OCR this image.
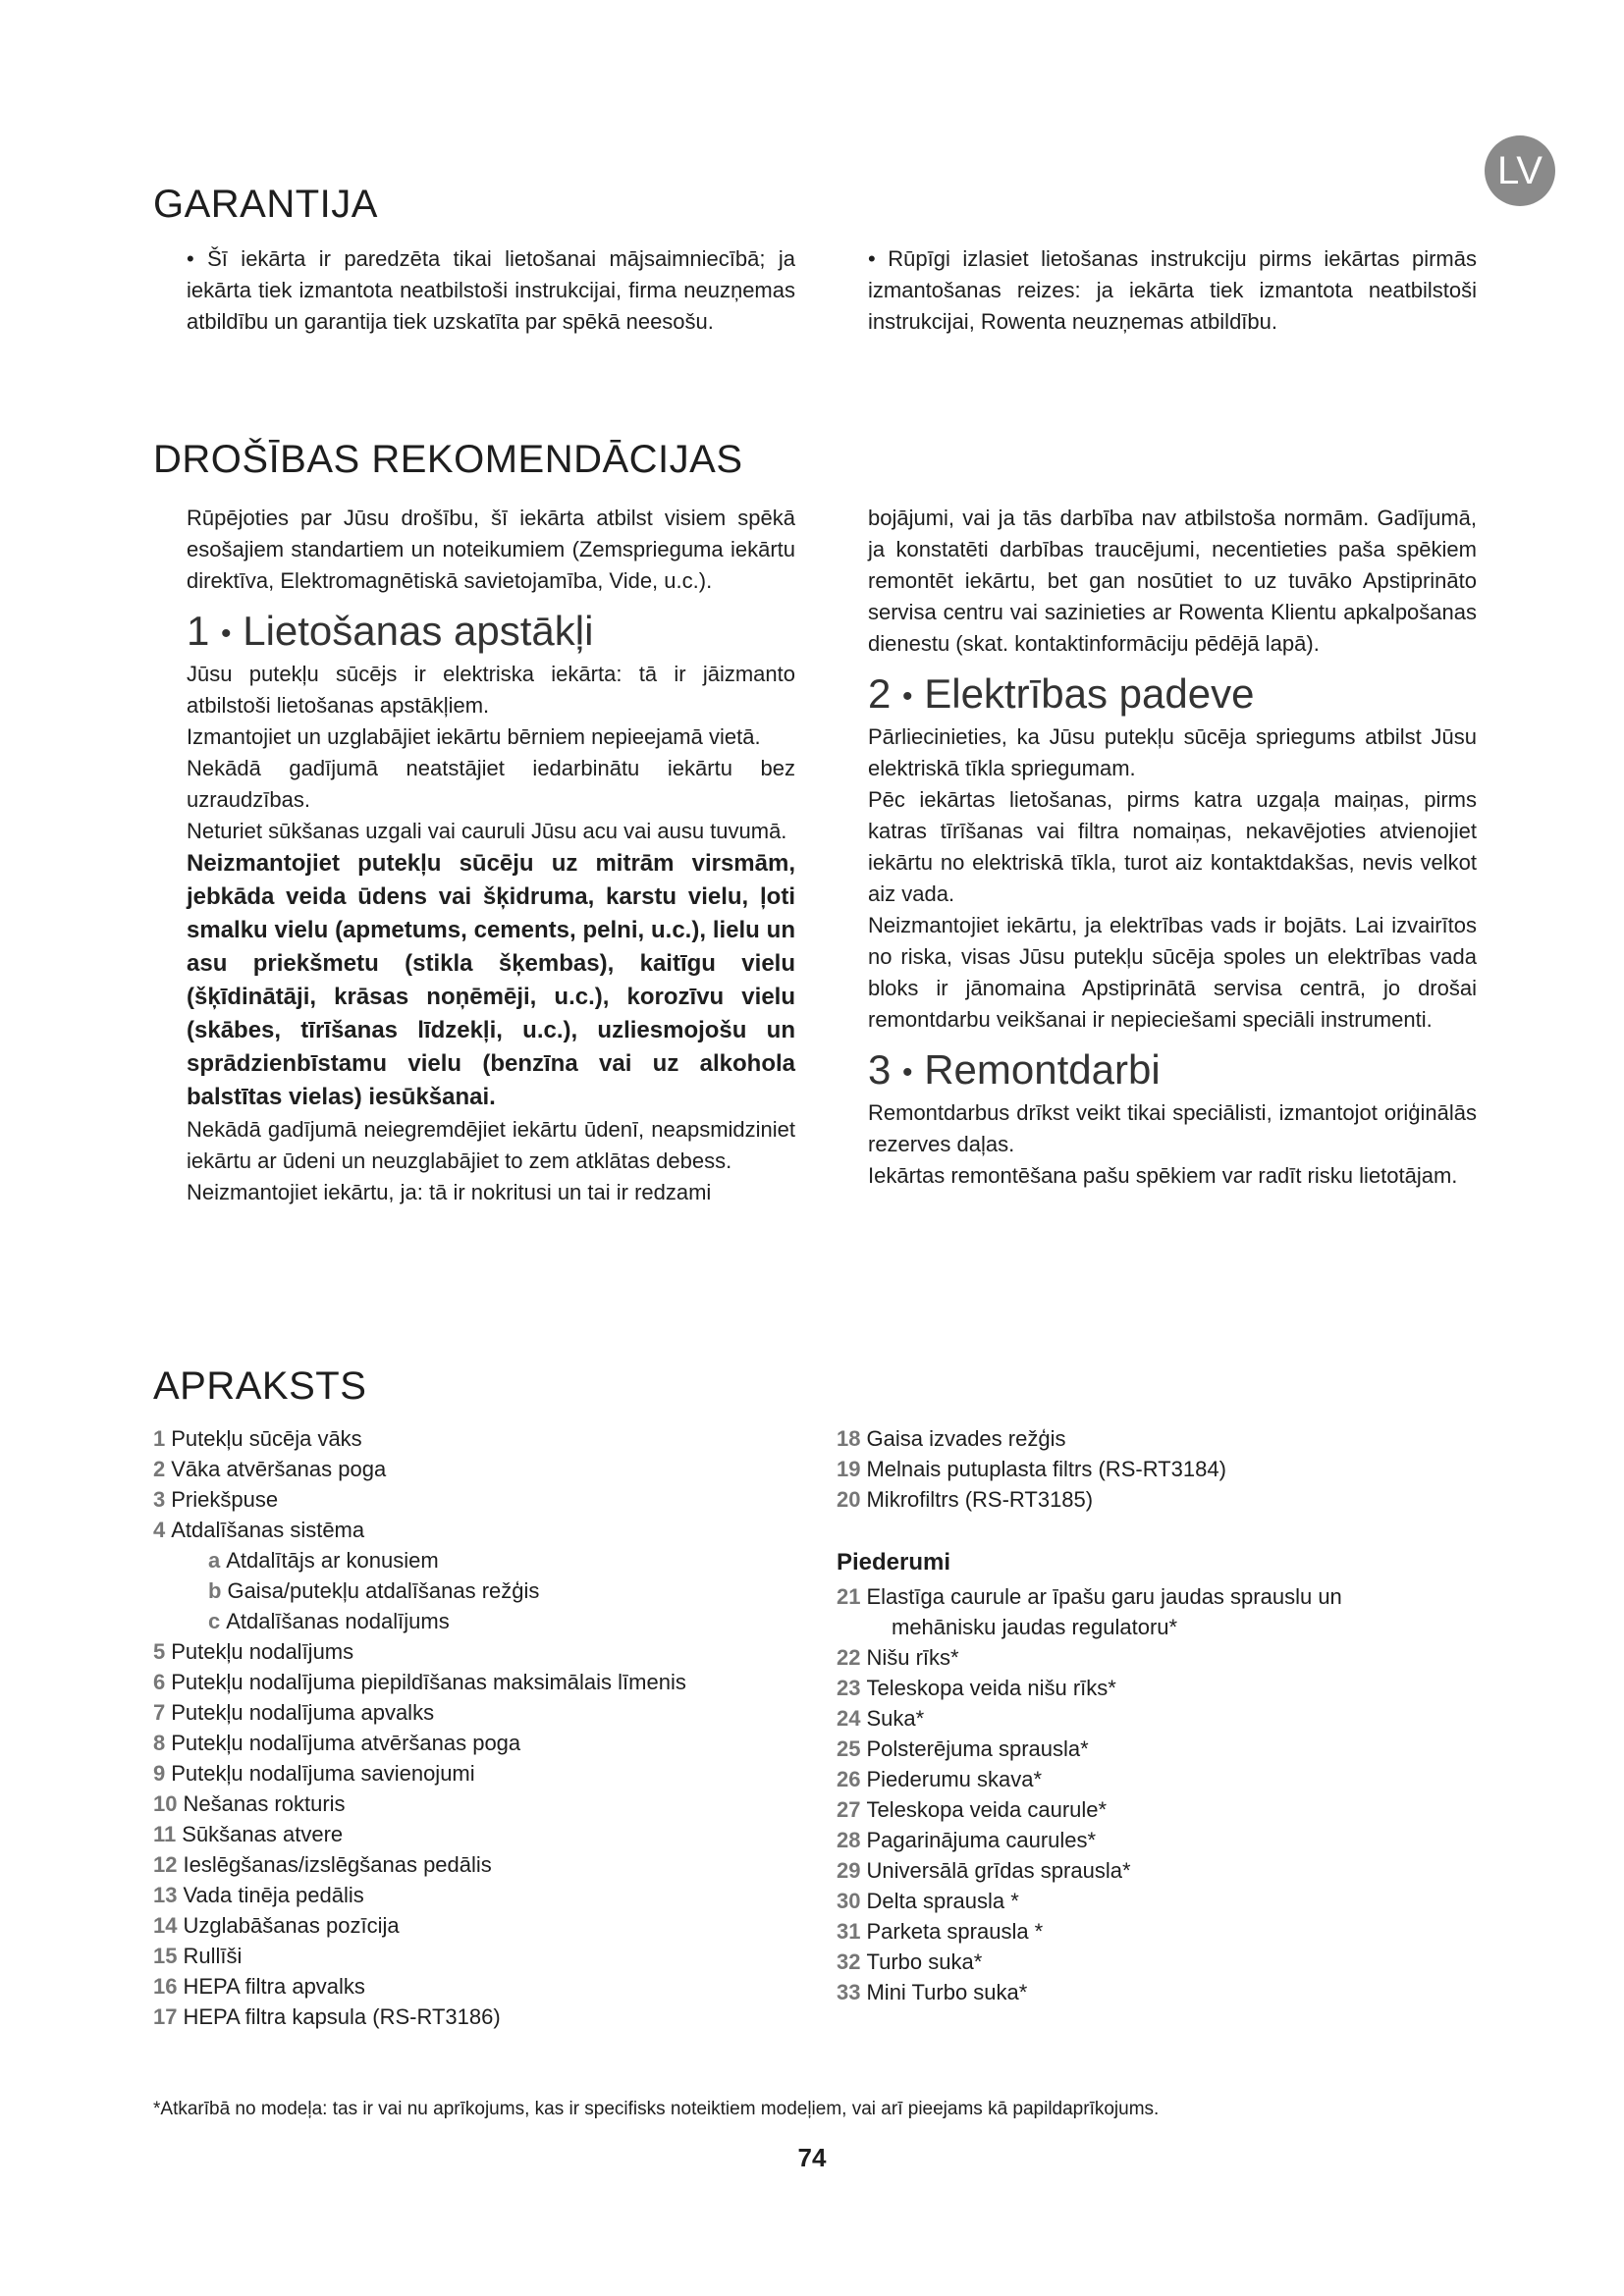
LV
GARANTIJA

• Šī iekārta ir paredzēta tikai lietošanai mājsaimniecībā; ja iekārta tiek izmantota neatbilstoši instrukcijai, firma neuzņemas atbildību un garantija tiek uzskatīta par spēkā neesošu.

• Rūpīgi izlasiet lietošanas instrukciju pirms iekārtas pirmās izmantošanas reizes: ja iekārta tiek izmantota neatbilstoši instrukcijai, Rowenta neuzņemas atbildību.

DROŠĪBAS REKOMENDĀCIJAS

Rūpējoties par Jūsu drošību, šī iekārta atbilst visiem spēkā esošajiem standartiem un noteikumiem (Zemsprieguma iekārtu direktīva, Elektromagnētiskā savietojamība, Vide, u.c.).

1 • Lietošanas apstākļi

Jūsu putekļu sūcējs ir elektriska iekārta: tā ir jāizmanto atbilstoši lietošanas apstākļiem.

Izmantojiet un uzglabājiet iekārtu bērniem nepieejamā vietā.

Nekādā gadījumā neatstājiet iedarbinātu iekārtu bez uzraudzības.

Neturiet sūkšanas uzgali vai cauruli Jūsu acu vai ausu tuvumā.

Neizmantojiet putekļu sūcēju uz mitrām virsmām, jebkāda veida ūdens vai šķidruma, karstu vielu, ļoti smalku vielu (apmetums, cements, pelni, u.c.), lielu un asu priekšmetu (stikla šķembas), kaitīgu vielu (šķīdinātāji, krāsas noņēmēji, u.c.), korozīvu vielu (skābes, tīrīšanas līdzekļi, u.c.), uzliesmojošu un sprādzienbīstamu vielu (benzīna vai uz alkohola balstītas vielas) iesūkšanai.

Nekādā gadījumā neiegremdējiet iekārtu ūdenī, neapsmidziniet iekārtu ar ūdeni un neuzglabājiet to zem atklātas debess.

Neizmantojiet iekārtu, ja: tā ir nokritusi un tai ir redzami

bojājumi, vai ja tās darbība nav atbilstoša normām. Gadījumā, ja konstatēti darbības traucējumi, necentieties paša spēkiem remontēt iekārtu, bet gan nosūtiet to uz tuvāko Apstiprināto servisa centru vai sazinieties ar Rowenta Klientu apkalpošanas dienestu (skat. kontaktinformāciju pēdējā lapā).

2 • Elektrības padeve

Pārliecinieties, ka Jūsu putekļu sūcēja spriegums atbilst Jūsu elektriskā tīkla spriegumam.

Pēc iekārtas lietošanas, pirms katra uzgaļa maiņas, pirms katras tīrīšanas vai filtra nomaiņas, nekavējoties atvienojiet iekārtu no elektriskā tīkla, turot aiz kontaktdakšas, nevis velkot aiz vada.

Neizmantojiet iekārtu, ja elektrības vads ir bojāts. Lai izvairītos no riska, visas Jūsu putekļu sūcēja spoles un elektrības vada bloks ir jānomaina Apstiprinātā servisa centrā, jo drošai remontdarbu veikšanai ir nepieciešami speciāli instrumenti.

3 • Remontdarbi

Remontdarbus drīkst veikt tikai speciālisti, izmantojot oriģinālās rezerves daļas.

Iekārtas remontēšana pašu spēkiem var radīt risku lietotājam.

APRAKSTS
1 Putekļu sūcēja vāks
2 Vāka atvēršanas poga
3 Priekšpuse
4 Atdalīšanas sistēma
a Atdalītājs ar konusiem
b Gaisa/putekļu atdalīšanas režģis
c Atdalīšanas nodalījums
5 Putekļu nodalījums
6 Putekļu nodalījuma piepildīšanas maksimālais līmenis
7 Putekļu nodalījuma apvalks
8 Putekļu nodalījuma atvēršanas poga
9 Putekļu nodalījuma savienojumi
10 Nešanas rokturis
11 Sūkšanas atvere
12 Ieslēgšanas/izslēgšanas pedālis
13 Vada tinēja pedālis
14 Uzglabāšanas pozīcija
15 Rullīši
16 HEPA filtra apvalks
17 HEPA filtra kapsula (RS-RT3186)
18 Gaisa izvades režģis
19 Melnais putuplasta filtrs (RS-RT3184)
20 Mikrofiltrs (RS-RT3185)
Piederumi
21 Elastīga caurule ar īpašu garu jaudas sprauslu un
mehānisku jaudas regulatoru*
22 Nišu rīks*
23 Teleskopa veida nišu rīks*
24 Suka*
25 Polsterējuma sprausla*
26 Piederumu skava*
27 Teleskopa veida caurule*
28 Pagarinājuma caurules*
29 Universālā grīdas sprausla*
30 Delta sprausla *
31 Parketa sprausla *
32 Turbo suka*
33 Mini Turbo suka*
*Atkarībā no modeļa: tas ir vai nu aprīkojums, kas ir specifisks noteiktiem modeļiem, vai arī pieejams kā papildaprīkojums.
74
